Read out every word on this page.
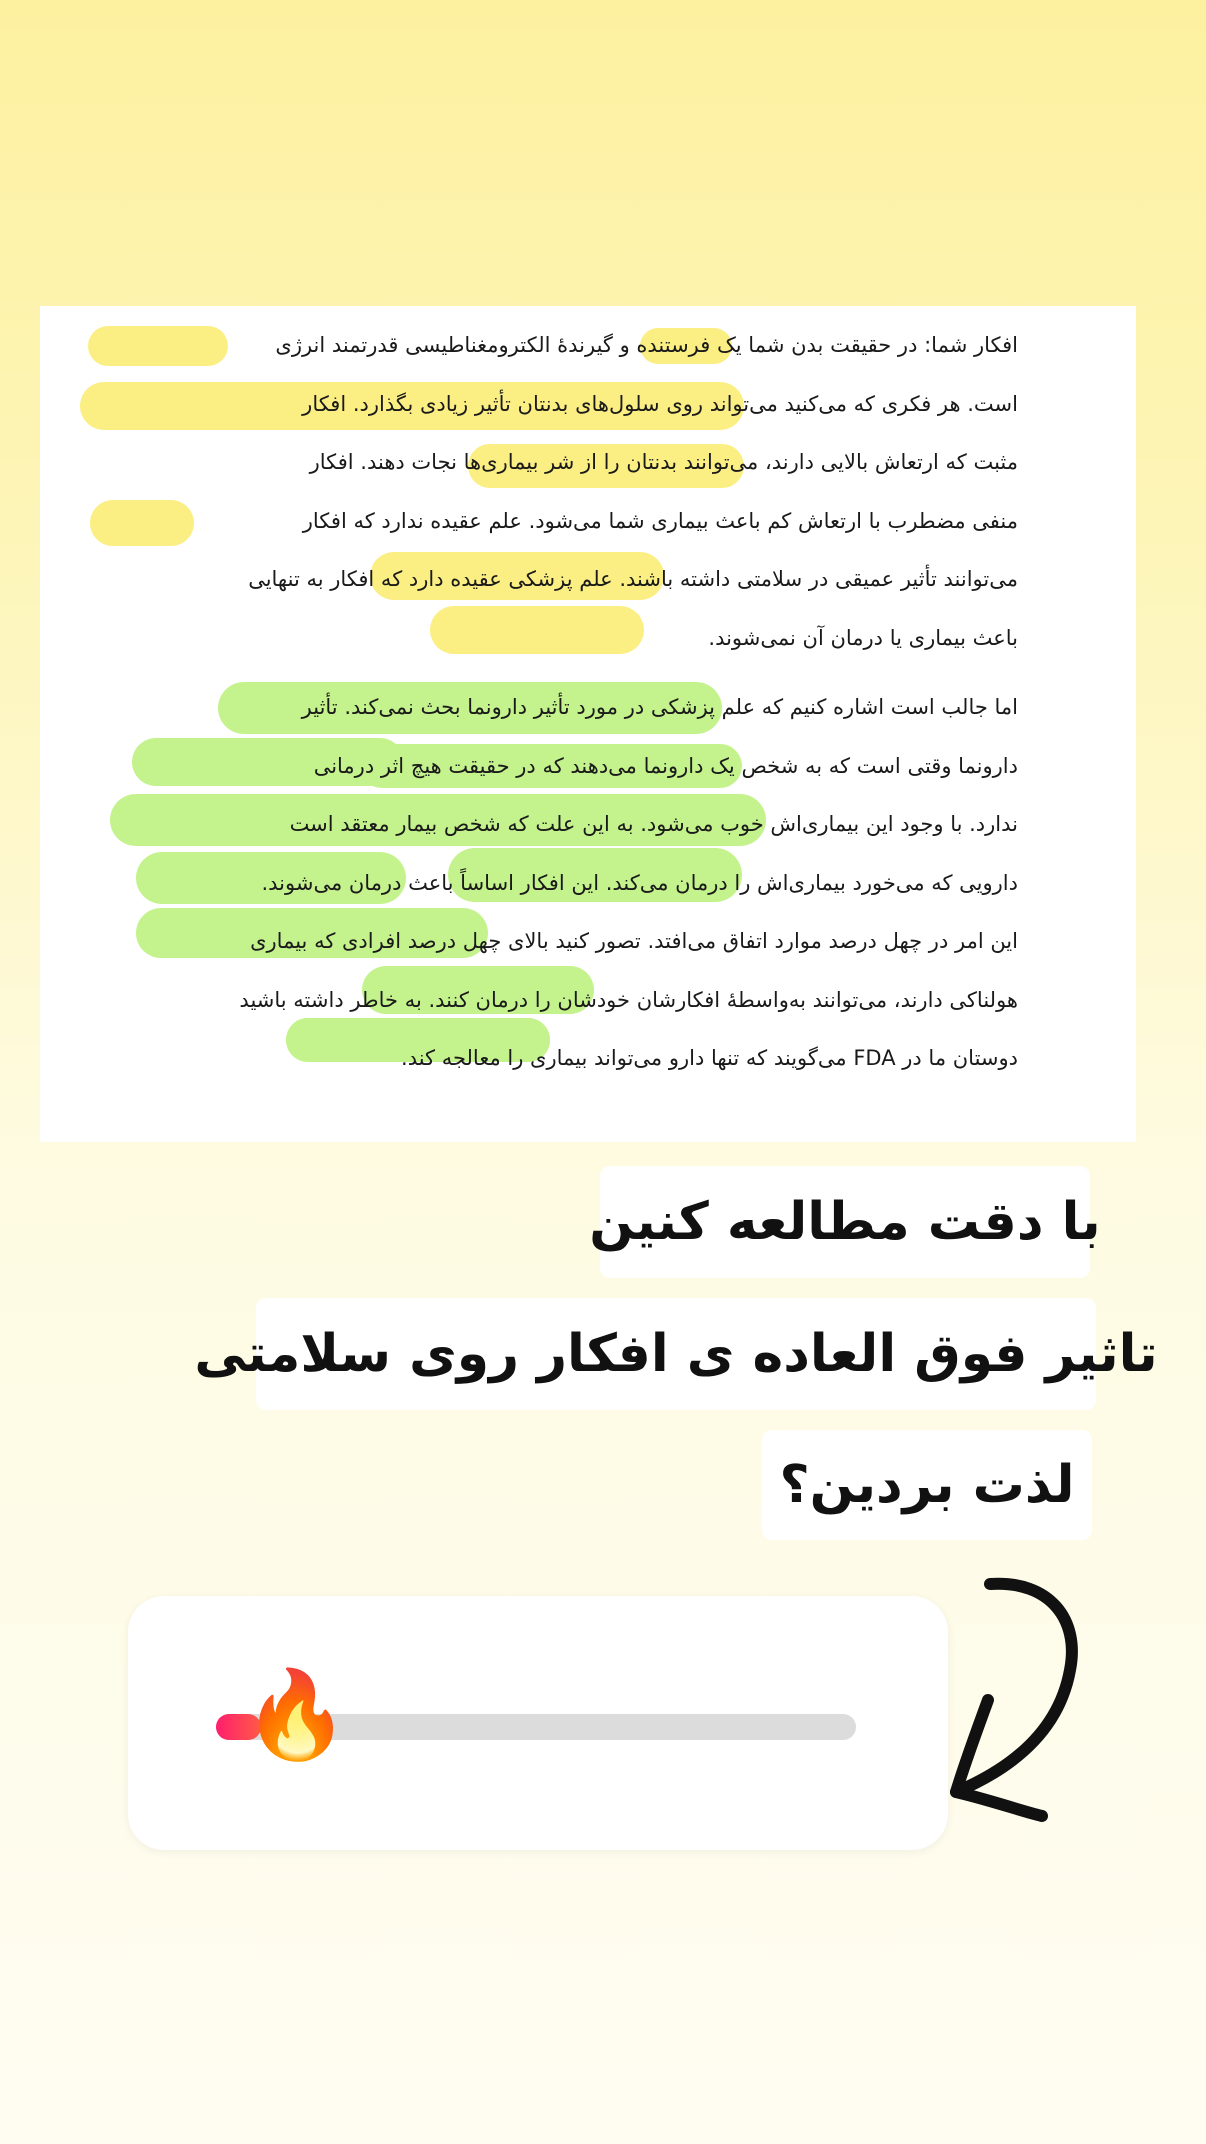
افکار شما: در حقیقت بدن شما یک فرستنده و گیرندهٔ الکترومغناطیسی قدرتمند انرژی
است. هر فکری که می‌کنید می‌تواند روی سلول‌های بدنتان تأثیر زیادی بگذارد. افکار
مثبت که ارتعاش بالایی دارند، می‌توانند بدنتان را از شر بیماری‌ها نجات دهند. افکار
منفی مضطرب با ارتعاش کم باعث بیماری شما می‌شود. علم عقیده ندارد که افکار
می‌توانند تأثیر عمیقی در سلامتی داشته باشند. علم پزشکی عقیده دارد که افکار به تنهایی
باعث بیماری یا درمان آن نمی‌شوند.
اما جالب است اشاره کنیم که علم پزشکی در مورد تأثیر دارونما بحث نمی‌کند. تأثیر
دارونما وقتی است که به شخص یک دارونما می‌دهند که در حقیقت هیچ اثر درمانی
ندارد. با وجود این بیماری‌اش خوب می‌شود. به این علت که شخص بیمار معتقد است
دارویی که می‌خورد بیماری‌اش را درمان می‌کند. این افکار اساساً باعث درمان می‌شوند.
این امر در چهل درصد موارد اتفاق می‌افتد. تصور کنید بالای چهل درصد افرادی که بیماری
هولناکی دارند، می‌توانند به‌واسطهٔ افکارشان خودشان را درمان کنند. به خاطر داشته باشید
دوستان ما در FDA می‌گویند که تنها دارو می‌تواند بیماری را معالجه کند.
با دقت مطالعه کنین
تاثیر فوق العاده ی افکار روی سلامتی
لذت بردین؟
🔥
